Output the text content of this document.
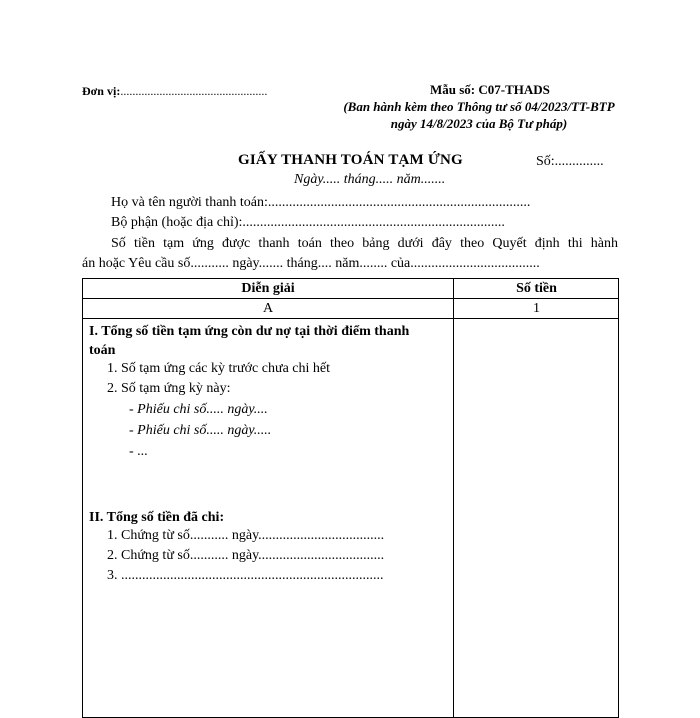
Đơn vị:.................................................	Mẫu số: C07-THADS
(Ban hành kèm theo Thông tư số 04/2023/TT-BTP
ngày 14/8/2023 của Bộ Tư pháp)
GIẤY THANH TOÁN TẠM ỨNG	Số:..............
Ngày..... tháng..... năm.......
Họ và tên người thanh toán:...........................................................................
Bộ phận (hoặc địa chỉ):...........................................................................
Số tiền tạm ứng được thanh toán theo bảng dưới đây theo Quyết định thi hành
án hoặc Yêu cầu số........... ngày....... tháng.... năm........ của.....................................
Diễn giải	Số tiền
A	1
I. Tổng số tiền tạm ứng còn dư nợ tại thời điểm thanh toán
1. Số tạm ứng các kỳ trước chưa chi hết
2. Số tạm ứng kỳ này:
- Phiếu chi số..... ngày....
- Phiếu chi số..... ngày.....
- ...
II. Tổng số tiền đã chi:
1. Chứng từ số........... ngày....................................
2. Chứng từ số........... ngày....................................
3. ...........................................................................
